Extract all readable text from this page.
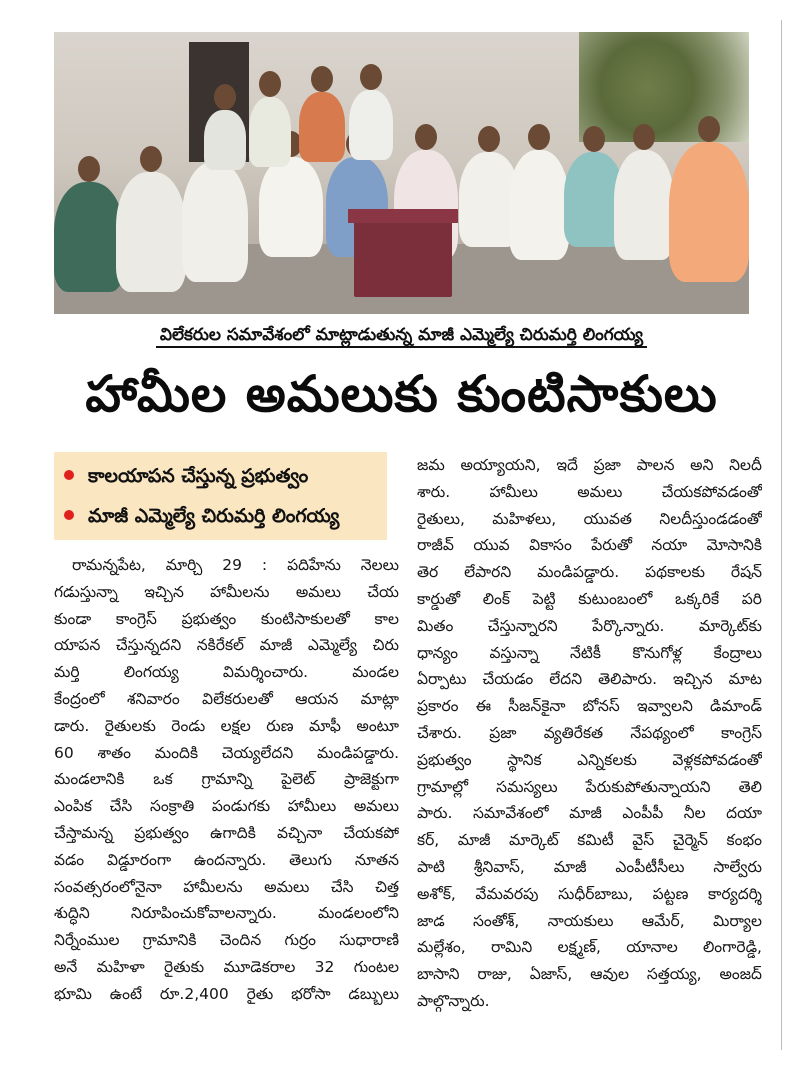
విలేకరుల సమావేశంలో మాట్లాడుతున్న మాజీ ఎమ్మెల్యే చిరుమర్తి లింగయ్య
హామీల అమలుకు కుంటిసాకులు
కాలయాపన చేస్తున్న ప్రభుత్వం
మాజీ ఎమ్మెల్యే చిరుమర్తి లింగయ్య
రామన్నపేట, మార్చి 29 : పదిహేను నెలలు
గడుస్తున్నా ఇచ్చిన హామీలను అమలు చేయ
కుండా కాంగ్రెస్ ప్రభుత్వం కుంటిసాకులతో కాల
యాపన చేస్తున్నదని నకిరేకల్ మాజీ ఎమ్మెల్యే చిరు
మర్తి లింగయ్య విమర్శించారు. మండల
కేంద్రంలో శనివారం విలేకరులతో ఆయన మాట్లా
డారు. రైతులకు రెండు లక్షల రుణ మాఫీ అంటూ
60 శాతం మందికి చెయ్యలేదని మండిపడ్డారు.
మండలానికి ఒక గ్రామాన్ని పైలెట్ ప్రాజెక్టుగా
ఎంపిక చేసి సంక్రాతి పండుగకు హామీలు అమలు
చేస్తామన్న ప్రభుత్వం ఉగాదికి వచ్చినా చేయకపో
వడం విడ్డూరంగా ఉందన్నారు. తెలుగు నూతన
సంవత్సరంలోనైనా హామీలను అమలు చేసి చిత్త
శుద్ధిని నిరూపించుకోవాలన్నారు. మండలంలోని
నిర్నేంముల గ్రామానికి చెందిన గుర్రం సుధారాణి
అనే మహిళా రైతుకు మూడెకరాల 32 గుంటల
భూమి ఉంటే రూ.2,400 రైతు భరోసా డబ్బులు
జమ అయ్యాయని, ఇదే ప్రజా పాలన అని నిలదీ
శారు. హామీలు అమలు చేయకపోవడంతో
రైతులు, మహిళలు, యువత నిలదీస్తుండడంతో
రాజీవ్ యువ వికాసం పేరుతో నయా మోసానికి
తెర లేపారని మండిపడ్డారు. పథకాలకు రేషన్
కార్డుతో లింక్ పెట్టి కుటుంబంలో ఒక్కరికే పరి
మితం చేస్తున్నారని పేర్కొన్నారు. మార్కెట్‌కు
ధాన్యం వస్తున్నా నేటికీ కొనుగోళ్ల కేంద్రాలు
ఏర్పాటు చేయడం లేదని తెలిపారు. ఇచ్చిన మాట
ప్రకారం ఈ సీజన్‌కైనా బోనస్ ఇవ్వాలని డిమాండ్
చేశారు. ప్రజా వ్యతిరేకత నేపథ్యంలో కాంగ్రెస్
ప్రభుత్వం స్థానిక ఎన్నికలకు వెళ్లకపోవడంతో
గ్రామాల్లో సమస్యలు పేరుకుపోతున్నాయని తెలి
పారు. సమావేశంలో మాజీ ఎంపీపీ నీల దయా
కర్, మాజీ మార్కెట్ కమిటీ వైస్ చైర్మెన్ కంభం
పాటి శ్రీనివాస్, మాజీ ఎంపీటీసీలు సాల్వేరు
అశోక్, వేమవరపు సుధీర్‌బాబు, పట్టణ కార్యదర్శి
జాడ సంతోశ్, నాయకులు ఆమేర్, మిర్యాల
మల్లేశం, రామిని లక్ష్మణ్, యానాల లింగారెడ్డి,
బాసాని రాజు, ఏజాస్, ఆవుల సత్తయ్య, అంజద్
పాల్గొన్నారు.
